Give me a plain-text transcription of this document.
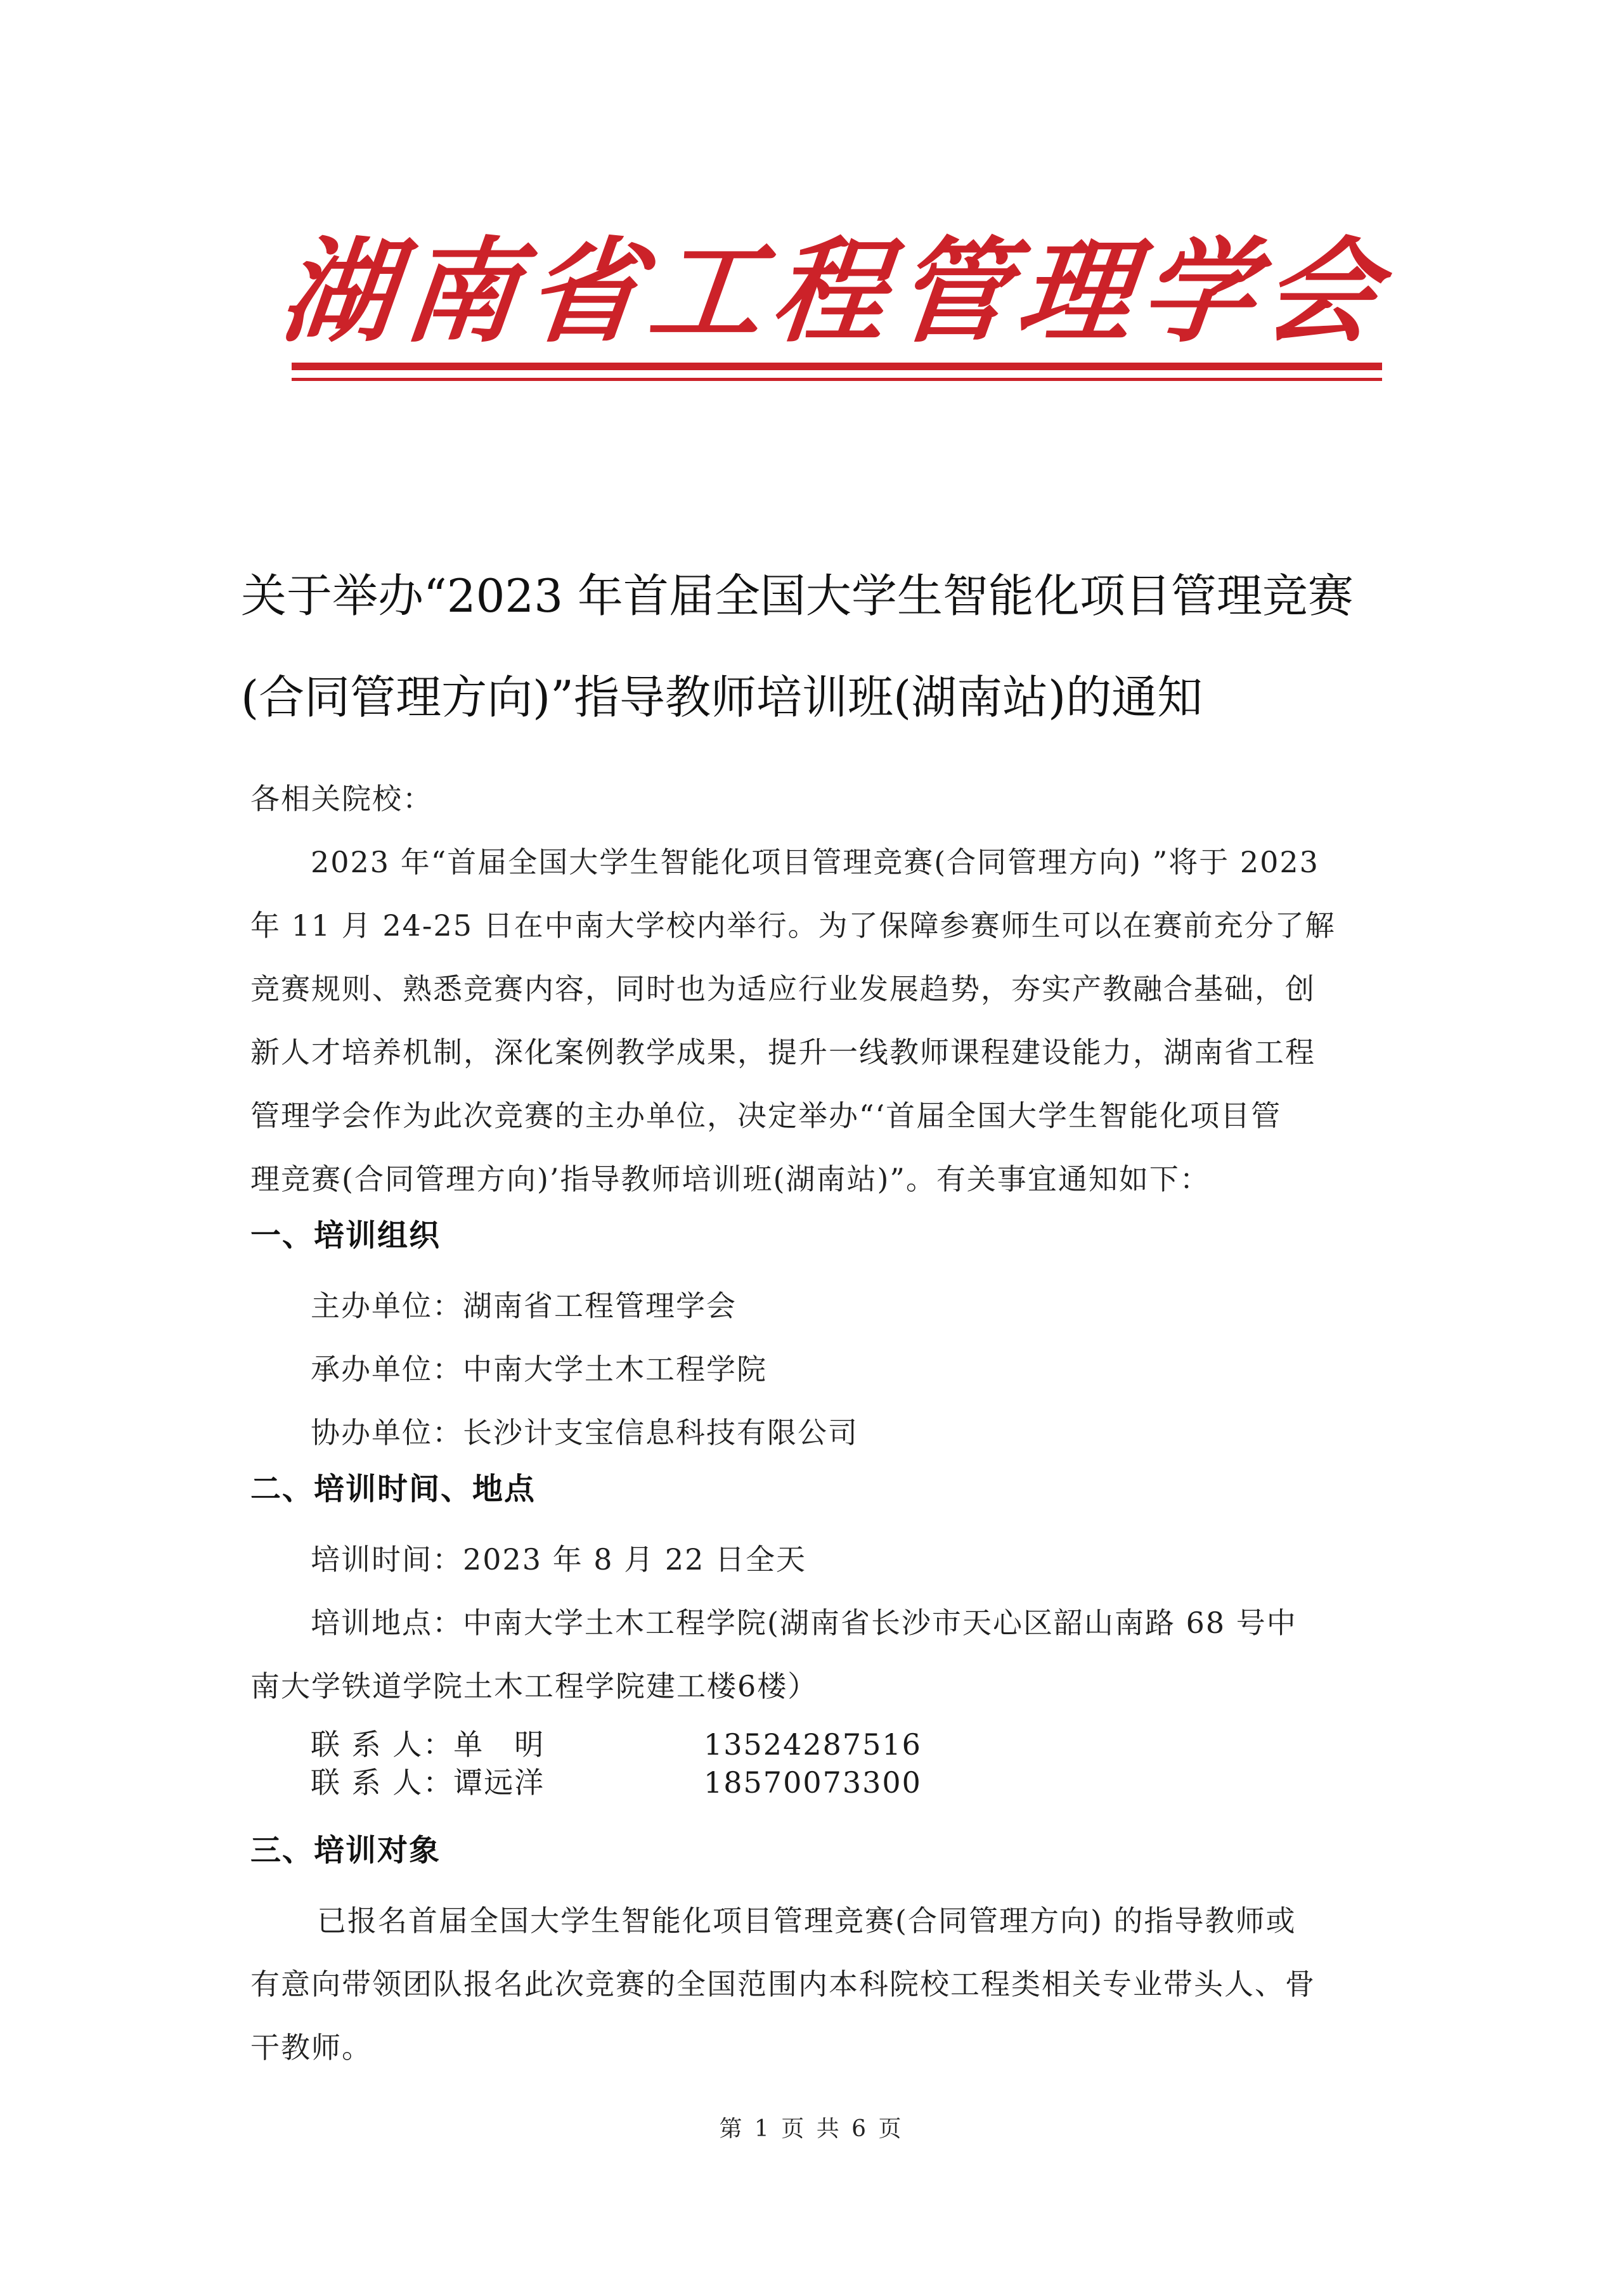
湖
南
省
工
程
管
理
学
会
关于举办“2023 年首届全国大学生智能化项目管理竞赛
(合同管理方向)”指导教师培训班(湖南站)的通知
各相关院校：
2023 年“首届全国大学生智能化项目管理竞赛(合同管理方向) ”将于 2023
年 11 月 24-25 日在中南大学校内举行。为了保障参赛师生可以在赛前充分了解
竞赛规则、熟悉竞赛内容，同时也为适应行业发展趋势，夯实产教融合基础，创
新人才培养机制，深化案例教学成果，提升一线教师课程建设能力，湖南省工程
管理学会作为此次竞赛的主办单位，决定举办“‘首届全国大学生智能化项目管
理竞赛(合同管理方向)’指导教师培训班(湖南站)”。有关事宜通知如下：
一、培训组织
主办单位：湖南省工程管理学会
承办单位：中南大学土木工程学院
协办单位：长沙计支宝信息科技有限公司
二、培训时间、地点
培训时间：2023 年 8 月 22 日全天
培训地点：中南大学土木工程学院(湖南省长沙市天心区韶山南路 68 号中
南大学铁道学院土木工程学院建工楼6楼）
联 系 人：单　明	13524287516
联 系 人：谭远洋	18570073300
三、培训对象
已报名首届全国大学生智能化项目管理竞赛(合同管理方向) 的指导教师或
有意向带领团队报名此次竞赛的全国范围内本科院校工程类相关专业带头人、骨
干教师。
第 1 页 共 6 页
